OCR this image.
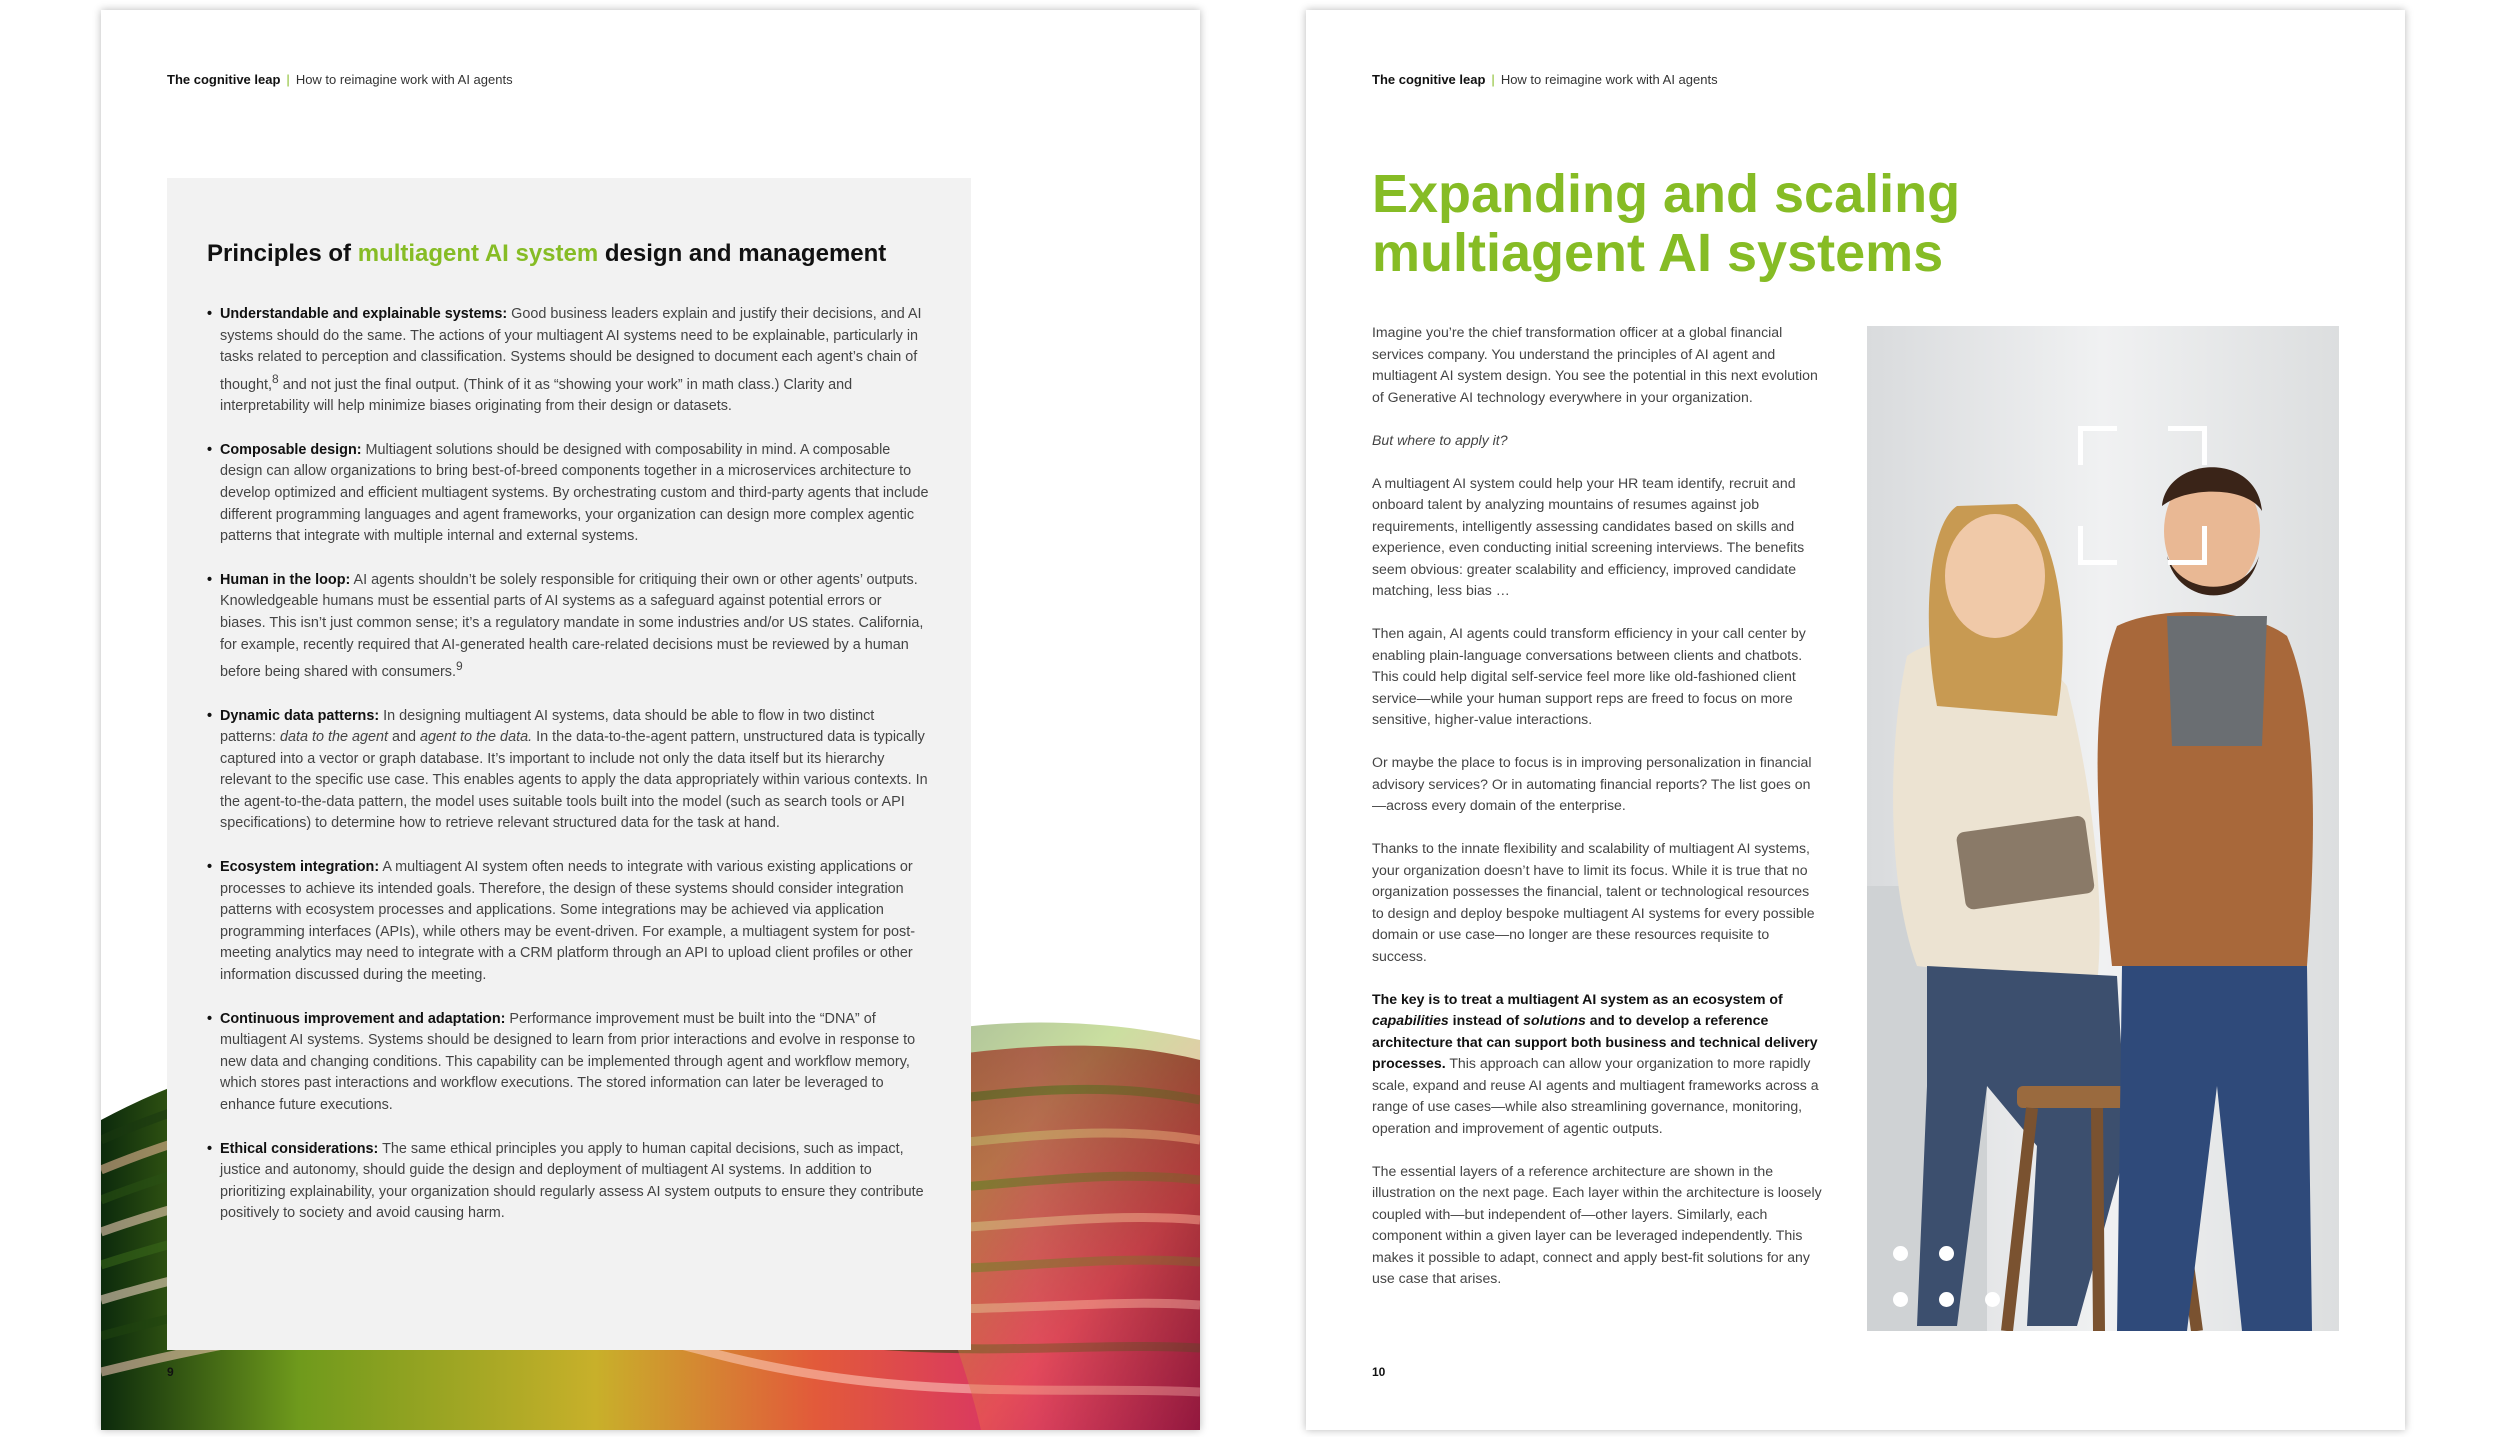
The cognitive leap | How to reimagine work with AI agents
Principles of multiagent AI system design and management
• Understandable and explainable systems: Good business leaders explain and justify their decisions, and AI systems should do the same. The actions of your multiagent AI systems need to be explainable, particularly in tasks related to perception and classification. Systems should be designed to document each agent’s chain of thought,$^8$ and not just the final output. (Think of it as “showing your work” in math class.) Clarity and interpretability will help minimize biases originating from their design or datasets.
• Composable design: Multiagent solutions should be designed with composability in mind. A composable design can allow organizations to bring best-of-breed components together in a microservices architecture to develop optimized and efficient multiagent systems. By orchestrating custom and third-party agents that include different programming languages and agent frameworks, your organization can design more complex agentic patterns that integrate with multiple internal and external systems.
• Human in the loop: AI agents shouldn’t be solely responsible for critiquing their own or other agents’ outputs. Knowledgeable humans must be essential parts of AI systems as a safeguard against potential errors or biases. This isn’t just common sense; it’s a regulatory mandate in some industries and/or US states. California, for example, recently required that AI-generated health care-related decisions must be reviewed by a human before being shared with consumers.$^9$
• Dynamic data patterns: In designing multiagent AI systems, data should be able to flow in two distinct patterns: data to the agent and agent to the data. In the data-to-the-agent pattern, unstructured data is typically captured into a vector or graph database. It’s important to include not only the data itself but its hierarchy relevant to the specific use case. This enables agents to apply the data appropriately within various contexts. In the agent-to-the-data pattern, the model uses suitable tools built into the model (such as search tools or API specifications) to determine how to retrieve relevant structured data for the task at hand.
• Ecosystem integration: A multiagent AI system often needs to integrate with various existing applications or processes to achieve its intended goals. Therefore, the design of these systems should consider integration patterns with ecosystem processes and applications. Some integrations may be achieved via application programming interfaces (APIs), while others may be event-driven. For example, a multiagent system for post-meeting analytics may need to integrate with a CRM platform through an API to upload client profiles or other information discussed during the meeting.
• Continuous improvement and adaptation: Performance improvement must be built into the “DNA” of multiagent AI systems. Systems should be designed to learn from prior interactions and evolve in response to new data and changing conditions. This capability can be implemented through agent and workflow memory, which stores past interactions and workflow executions. The stored information can later be leveraged to enhance future executions.
• Ethical considerations: The same ethical principles you apply to human capital decisions, such as impact, justice and autonomy, should guide the design and deployment of multiagent AI systems. In addition to prioritizing explainability, your organization should regularly assess AI system outputs to ensure they contribute positively to society and avoid causing harm.
9
The cognitive leap | How to reimagine work with AI agents
Expanding and scaling
multiagent AI systems

Imagine you’re the chief transformation officer at a global financial services company. You understand the principles of AI agent and multiagent AI system design. You see the potential in this next evolution of Generative AI technology everywhere in your organization.

But where to apply it?

A multiagent AI system could help your HR team identify, recruit and onboard talent by analyzing mountains of resumes against job requirements, intelligently assessing candidates based on skills and experience, even conducting initial screening interviews. The benefits seem obvious: greater scalability and efficiency, improved candidate matching, less bias …

Then again, AI agents could transform efficiency in your call center by enabling plain-language conversations between clients and chatbots. This could help digital self-service feel more like old-fashioned client service—while your human support reps are freed to focus on more sensitive, higher-value interactions.

Or maybe the place to focus is in improving personalization in financial advisory services? Or in automating financial reports? The list goes on—across every domain of the enterprise.

Thanks to the innate flexibility and scalability of multiagent AI systems, your organization doesn’t have to limit its focus. While it is true that no organization possesses the financial, talent or technological resources to design and deploy bespoke multiagent AI systems for every possible domain or use case—no longer are these resources requisite to success.

The key is to treat a multiagent AI system as an ecosystem of capabilities instead of solutions and to develop a reference architecture that can support both business and technical delivery processes. This approach can allow your organization to more rapidly scale, expand and reuse AI agents and multiagent frameworks across a range of use cases—while also streamlining governance, monitoring, operation and improvement of agentic outputs.

The essential layers of a reference architecture are shown in the illustration on the next page. Each layer within the architecture is loosely coupled with—but independent of—other layers. Similarly, each component within a given layer can be leveraged independently. This makes it possible to adapt, connect and apply best-fit solutions for any use case that arises.

10
